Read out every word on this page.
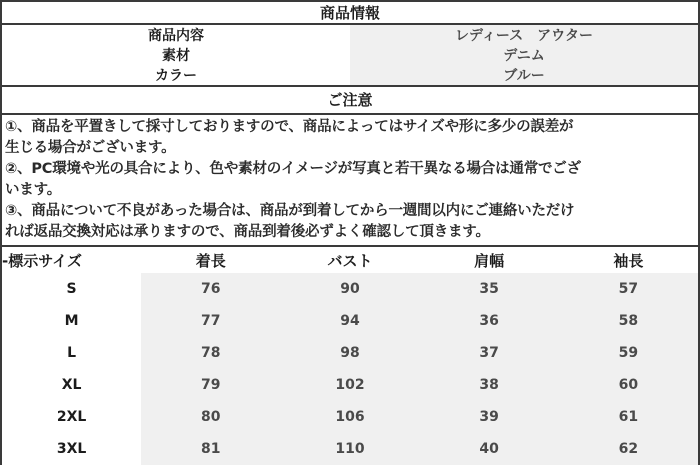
商品情報	

商品内容	レディース　アウター
素材	デニム
カラー	ブルー

ご注意
①、商品を平置きして採寸しておりますので、商品によってはサイズや形に多少の誤差が
生じる場合がございます。
②、PC環境や光の具合により、色や素材のイメージが写真と若干異なる場合は通常でござ
います。
③、商品について不良があった場合は、商品が到着してから一週間以内にご連絡いただけ
れば返品交換対応は承りますので、商品到着後必ずよく確認して頂きます。
-標示サイズ	着長	バスト	肩幅	袖長
S	76	90	35	57
M	77	94	36	58
L	78	98	37	59
XL	79	102	38	60
2XL	80	106	39	61
3XL	81	110	40	62
